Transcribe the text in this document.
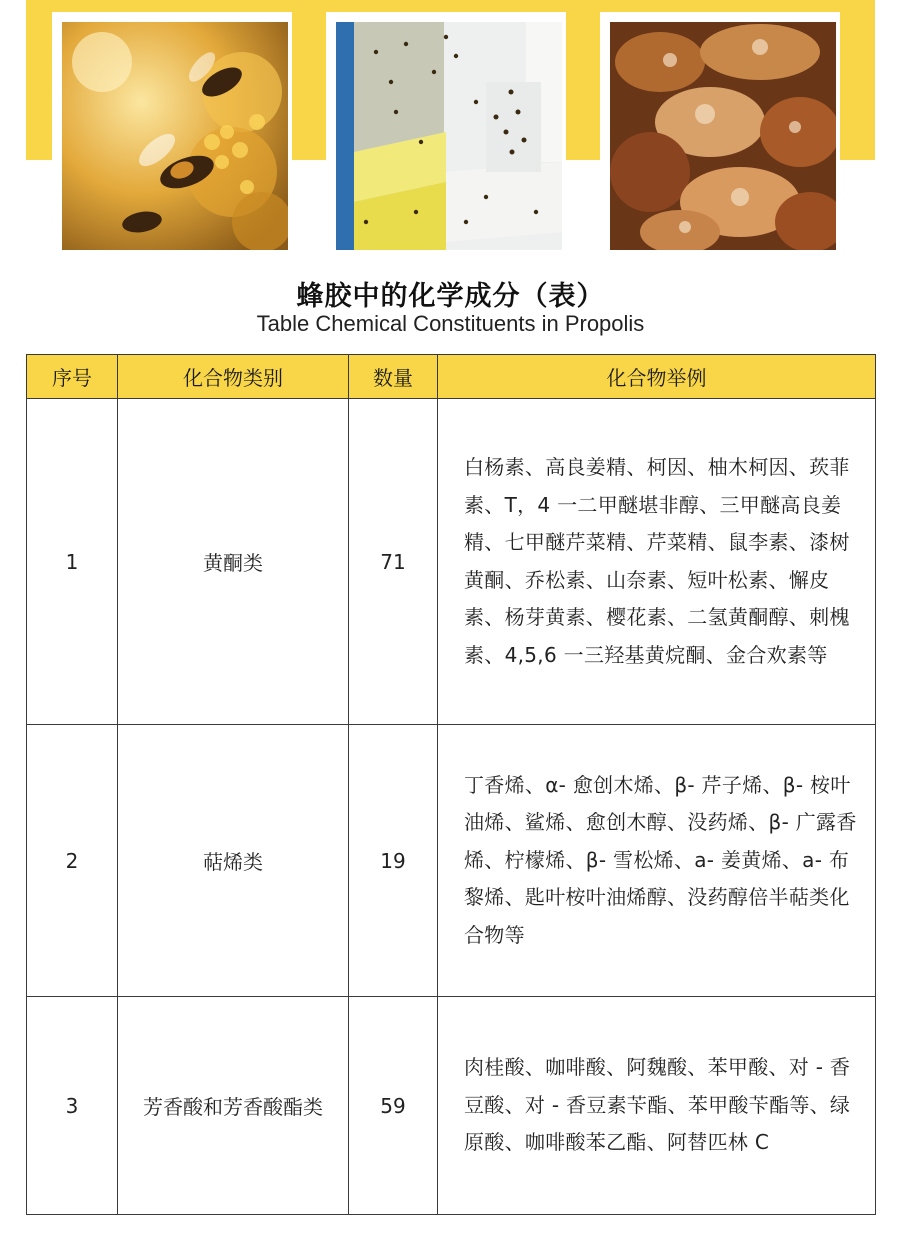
蜂胶中的化学成分（表）
Table Chemical Constituents in Propolis
序号	化合物类别	数量	化合物举例
1	黄酮类	71	白杨素、高良姜精、柯因、柚木柯因、莰菲素、T，4 一二甲醚堪非醇、三甲醚高良姜精、七甲醚芹菜精、芹菜精、鼠李素、漆树黄酮、乔松素、山奈素、短叶松素、懈皮素、杨芽黄素、樱花素、二氢黄酮醇、刺槐素、4,5,6 一三羟基黄烷酮、金合欢素等
2	萜烯类	19	丁香烯、α- 愈创木烯、β- 芹子烯、β- 桉叶油烯、鲨烯、愈创木醇、没药烯、β- 广露香烯、柠檬烯、β- 雪松烯、a- 姜黄烯、a- 布黎烯、匙叶桉叶油烯醇、没药醇倍半萜类化合物等
3	芳香酸和芳香酸酯类	59	肉桂酸、咖啡酸、阿魏酸、苯甲酸、对 - 香豆酸、对 - 香豆素苄酯、苯甲酸苄酯等、绿原酸、咖啡酸苯乙酯、阿替匹林 C
